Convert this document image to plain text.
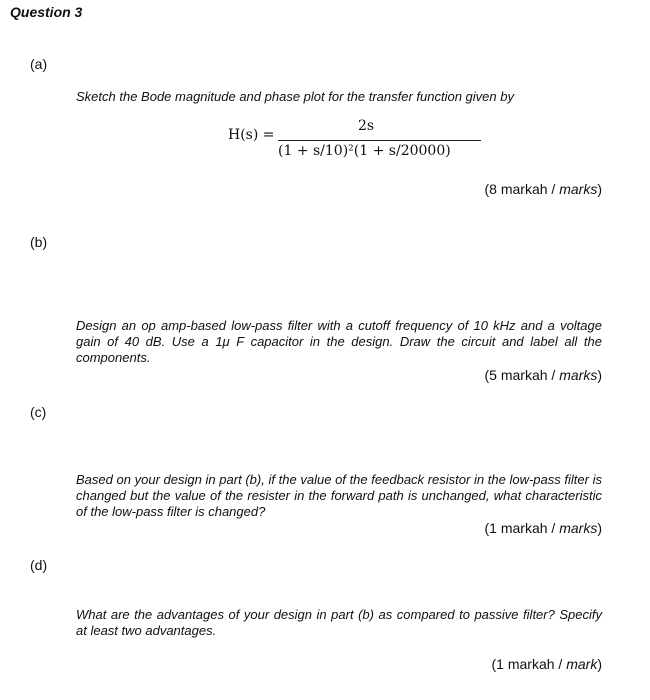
Question 3
(a)
Sketch the Bode magnitude and phase plot for the transfer function given by
H(s) =
2s
(1 + s/10)²(1 + s/20000)
(8 markah / marks)
(b)
Design an op amp-based low-pass filter with a cutoff frequency of 10 kHz and a voltage gain of 40 dB. Use a 1μ F capacitor in the design. Draw the circuit and label all the components.
(5 markah / marks)
(c)
Based on your design in part (b), if the value of the feedback resistor in the low-pass filter is changed but the value of the resister in the forward path is unchanged, what characteristic of the low-pass filter is changed?
(1 markah / marks)
(d)
What are the advantages of your design in part (b) as compared to passive filter? Specify at least two advantages.
(1 markah / mark)
